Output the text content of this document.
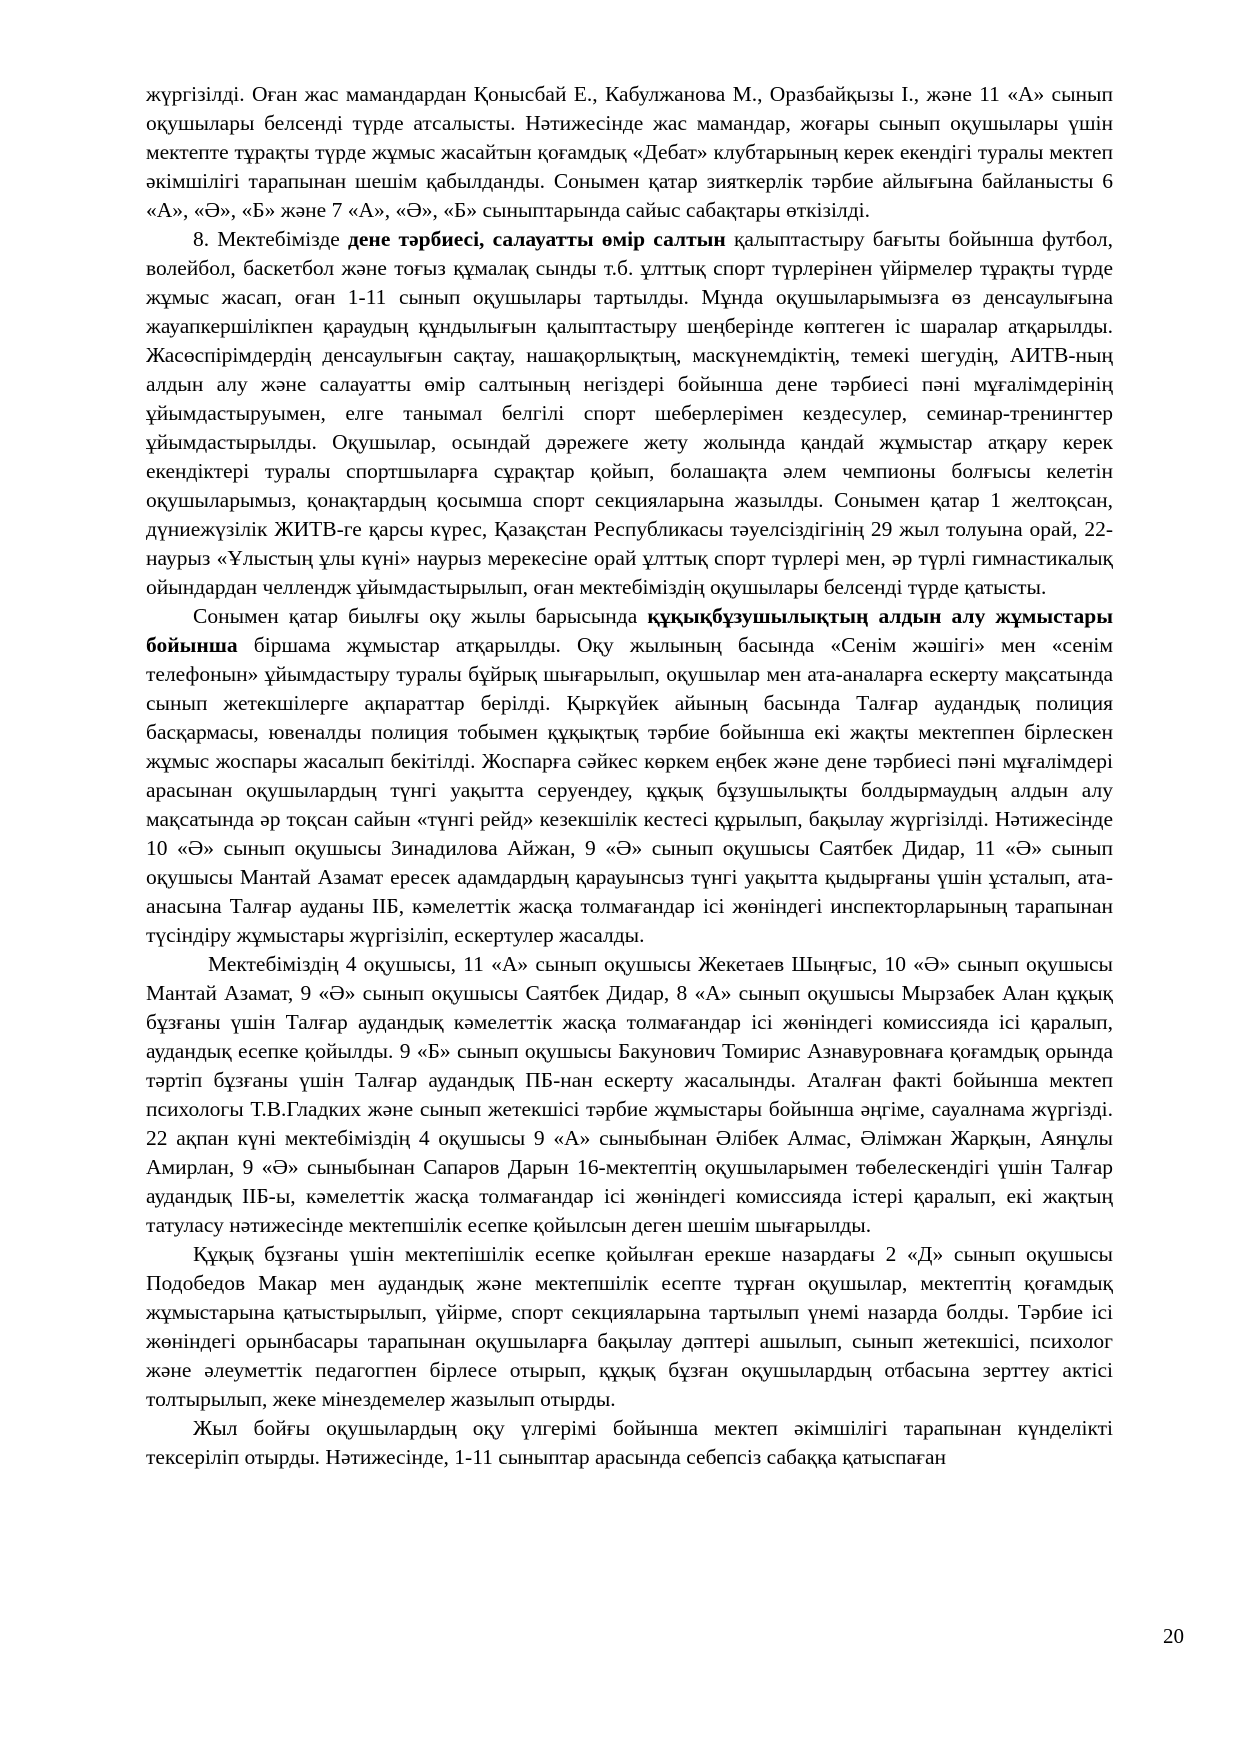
жүргізілді. Оған жас мамандардан Қонысбай Е., Кабулжанова М., Оразбайқызы І., және 11 «А» сынып оқушылары белсенді түрде атсалысты. Нәтижесінде жас мамандар, жоғары сынып оқушылары үшін мектепте тұрақты түрде жұмыс жасайтын қоғамдық «Дебат» клубтарының керек екендігі туралы мектеп әкімшілігі тарапынан шешім қабылданды. Сонымен қатар зияткерлік тәрбие айлығына байланысты 6 «А», «Ә», «Б» және 7 «А», «Ә», «Б» сыныптарында сайыс сабақтары өткізілді.

8. Мектебімізде дене тәрбиесі, салауатты өмір салтын қалыптастыру бағыты бойынша футбол, волейбол, баскетбол және тоғыз құмалақ сынды т.б. ұлттық спорт түрлерінен үйірмелер тұрақты түрде жұмыс жасап, оған 1-11 сынып оқушылары тартылды. Мұнда оқушыларымызға өз денсаулығына жауапкершілікпен қараудың құндылығын қалыптастыру шеңберінде көптеген іс шаралар атқарылды. Жасөспірімдердің денсаулығын сақтау, нашақорлықтың, маскүнемдіктің, темекі шегудің, АИТВ-ның алдын алу және салауатты өмір салтының негіздері бойынша дене тәрбиесі пәні мұғалімдерінің ұйымдастыруымен, елге танымал белгілі спорт шеберлерімен кездесулер, семинар-тренингтер ұйымдастырылды. Оқушылар, осындай дәрежеге жету жолында қандай жұмыстар атқару керек екендіктері туралы спортшыларға сұрақтар қойып, болашақта әлем чемпионы болғысы келетін оқушыларымыз, қонақтардың қосымша спорт секцияларына жазылды. Сонымен қатар 1 желтоқсан, дүниежүзілік ЖИТВ-ге қарсы күрес, Қазақстан Республикасы тәуелсіздігінің 29 жыл толуына орай, 22-наурыз «Ұлыстың ұлы күні» наурыз мерекесіне орай ұлттық спорт түрлері мен, әр түрлі гимнастикалық ойындардан челлендж ұйымдастырылып, оған мектебіміздің оқушылары белсенді түрде қатысты.

Сонымен қатар биылғы оқу жылы барысында құқықбұзушылықтың алдын алу жұмыстары бойынша біршама жұмыстар атқарылды. Оқу жылының басында «Сенім жәшігі» мен «сенім телефонын» ұйымдастыру туралы бұйрық шығарылып, оқушылар мен ата-аналарға ескерту мақсатында сынып жетекшілерге ақпараттар берілді. Қыркүйек айының басында Талғар аудандық полиция басқармасы, ювеналды полиция тобымен құқықтық тәрбие бойынша екі жақты мектеппен бірлескен жұмыс жоспары жасалып бекітілді. Жоспарға сәйкес көркем еңбек және дене тәрбиесі пәні мұғалімдері арасынан оқушылардың түнгі уақытта серуендеу, құқық бұзушылықты болдырмаудың алдын алу мақсатында әр тоқсан сайын «түнгі рейд» кезекшілік кестесі құрылып, бақылау жүргізілді. Нәтижесінде 10 «Ә» сынып оқушысы Зинадилова Айжан, 9 «Ә» сынып оқушысы Саятбек Дидар, 11 «Ә» сынып оқушысы Мантай Азамат ересек адамдардың қарауынсыз түнгі уақытта қыдырғаны үшін ұсталып, ата-анасына Талғар ауданы ІІБ, кәмелеттік жасқа толмағандар ісі жөніндегі инспекторларының тарапынан түсіндіру жұмыстары жүргізіліп, ескертулер жасалды.

Мектебіміздің 4 оқушысы, 11 «А» сынып оқушысы Жекетаев Шыңғыс, 10 «Ә» сынып оқушысы Мантай Азамат, 9 «Ә» сынып оқушысы Саятбек Дидар, 8 «А» сынып оқушысы Мырзабек Алан құқық бұзғаны үшін Талғар аудандық кәмелеттік жасқа толмағандар ісі жөніндегі комиссияда ісі қаралып, аудандық есепке қойылды. 9 «Б» сынып оқушысы Бакунович Томирис Азнавуровнаға қоғамдық орында тәртіп бұзғаны үшін Талғар аудандық ПБ-нан ескерту жасалынды. Аталған факті бойынша мектеп психологы Т.В.Гладких және сынып жетекшісі тәрбие жұмыстары бойынша әңгіме, сауалнама жүргізді. 22 ақпан күні мектебіміздің 4 оқушысы 9 «А» сыныбынан Әлібек Алмас, Әлімжан Жарқын, Аянұлы Амирлан, 9 «Ә» сыныбынан Сапаров Дарын 16-мектептің оқушыларымен төбелескендігі үшін Талғар аудандық ІІБ-ы, кәмелеттік жасқа толмағандар ісі жөніндегі комиссияда істері қаралып, екі жақтың татуласу нәтижесінде мектепшілік есепке қойылсын деген шешім шығарылды.

Құқық бұзғаны үшін мектепішілік есепке қойылған ерекше назардағы 2 «Д» сынып оқушысы Подобедов Макар мен аудандық және мектепшілік есепте тұрған оқушылар, мектептің қоғамдық жұмыстарына қатыстырылып, үйірме, спорт секцияларына тартылып үнемі назарда болды. Тәрбие ісі жөніндегі орынбасары тарапынан оқушыларға бақылау дәптері ашылып, сынып жетекшісі, психолог және әлеуметтік педагогпен бірлесе отырып, құқық бұзған оқушылардың отбасына зерттеу актісі толтырылып, жеке мінездемелер жазылып отырды.

Жыл бойғы оқушылардың оқу үлгерімі бойынша мектеп әкімшілігі тарапынан күнделікті тексеріліп отырды. Нәтижесінде, 1-11 сыныптар арасында себепсіз сабаққа қатыспаған

20
